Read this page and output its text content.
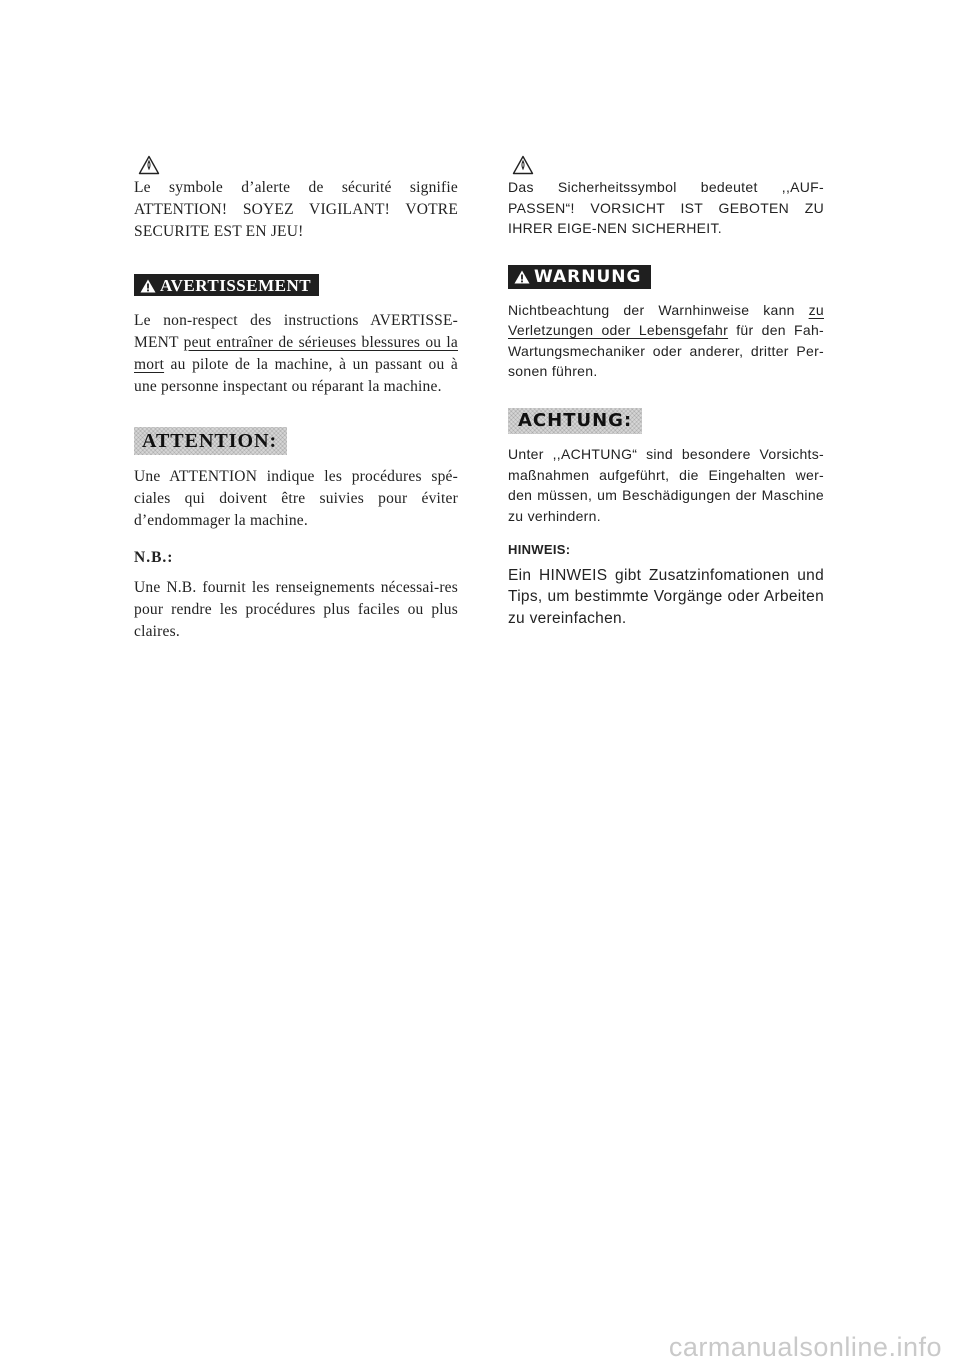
Le symbole d’alerte de sécurité signifie ATTENTION! SOYEZ VIGILANT! VOTRE SECURITE EST EN JEU!

AVERTISSEMENT

Le non-respect des instructions AVERTISSE-MENT peut entraîner de sérieuses blessures ou la mort au pilote de la machine, à un passant ou à une personne inspectant ou réparant la machine.

ATTENTION:

Une ATTENTION indique les procédures spé-ciales qui doivent être suivies pour éviter d’endommager la machine.

N.B.:

Une N.B. fournit les renseignements nécessai-res pour rendre les procédures plus faciles ou plus claires.

Das Sicherheitssymbol bedeutet ,,AUF-PASSEN“! VORSICHT IST GEBOTEN ZU IHRER EIGE-NEN SICHERHEIT.

WARNUNG

Nichtbeachtung der Warnhinweise kann zu Verletzungen oder Lebensgefahr für den Fah-Wartungsmechaniker oder anderer, dritter Per-sonen führen.

ACHTUNG:

Unter ,,ACHTUNG“ sind besondere Vorsichts-maßnahmen aufgeführt, die Eingehalten wer-den müssen, um Beschädigungen der Maschine zu verhindern.

HINWEIS:

Ein HINWEIS gibt Zusatzinfomationen und Tips, um bestimmte Vorgänge oder Arbeiten zu vereinfachen.

carmanualsonline.info
